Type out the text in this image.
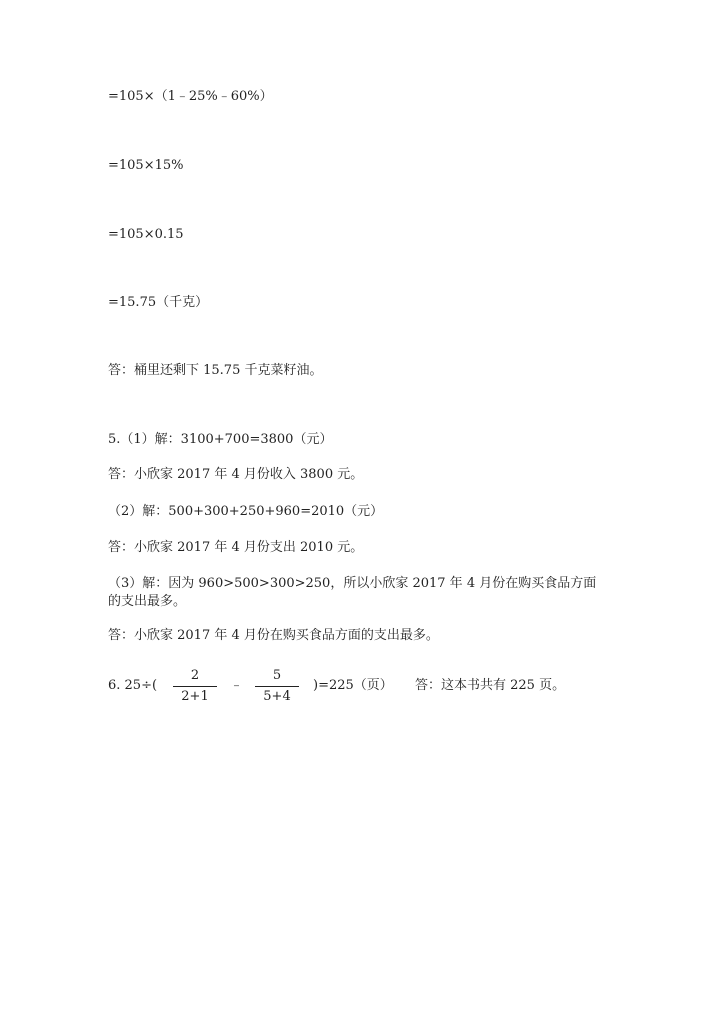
=105×（1﹣25%﹣60%）
=105×15%
=105×0.15
=15.75（千克）
答：桶里还剩下 15.75 千克菜籽油。
5.（1）解：3100+700=3800（元）
答：小欣家 2017 年 4 月份收入 3800 元。
（2）解：500+300+250+960=2010（元）
答：小欣家 2017 年 4 月份支出 2010 元。
（3）解：因为 960>500>300>250，所以小欣家 2017 年 4 月份在购买食品方面的支出最多。
答：小欣家 2017 年 4 月份在购买食品方面的支出最多。
6. 25÷(
2
2+1
﹣
5
5+4
)=225（页） 答：这本书共有 225 页。
